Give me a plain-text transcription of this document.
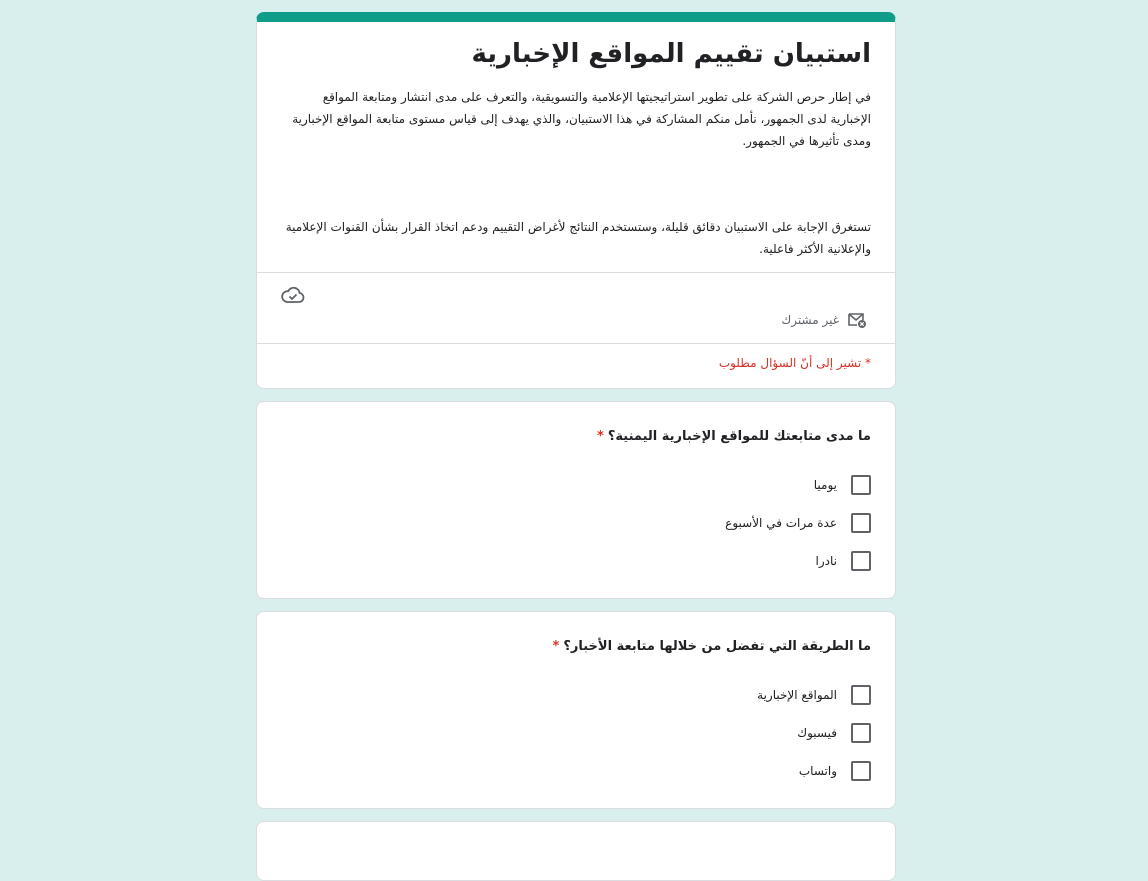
استبيان تقييم المواقع الإخبارية

في إطار حرص الشركة على تطوير استراتيجيتها الإعلامية والتسويقية، والتعرف على مدى انتشار ومتابعة المواقع الإخبارية لدى الجمهور، نأمل منكم المشاركة في هذا الاستبيان، والذي يهدف إلى قياس مستوى متابعة المواقع الإخبارية ومدى تأثيرها في الجمهور.

تستغرق الإجابة على الاستبيان دقائق قليلة، وستستخدم النتائج لأغراض التقييم ودعم اتخاذ القرار بشأن القنوات الإعلامية والإعلانية الأكثر فاعلية.

غير مشترك
* تشير إلى أنّ السؤال مطلوب
ما مدى متابعتك للمواقع الإخبارية اليمنية؟*
يوميا
عدة مرات في الأسبوع
نادرا
ما الطريقة التي تفضل من خلالها متابعة الأخبار؟*
المواقع الإخبارية
فيسبوك
واتساب
